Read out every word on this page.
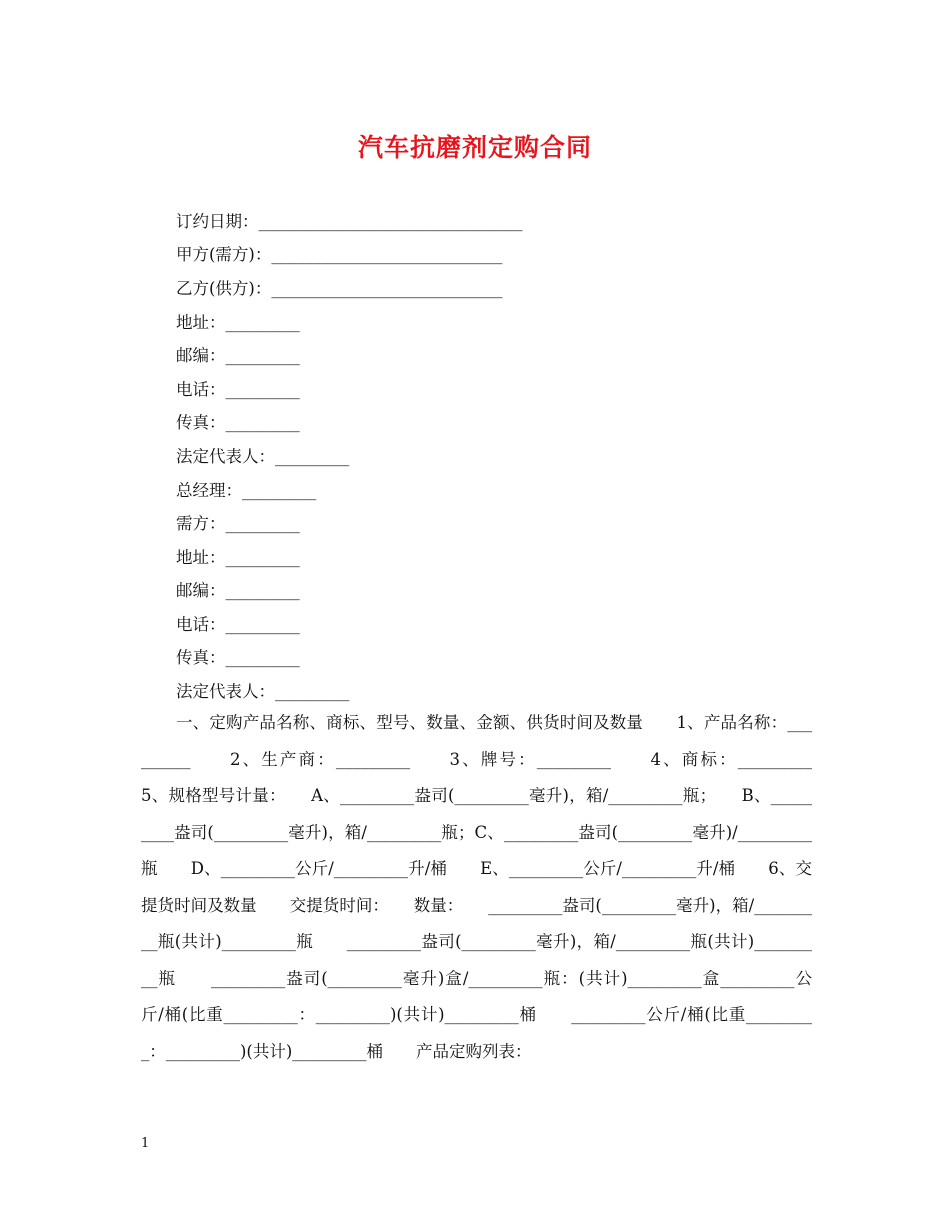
汽车抗磨剂定购合同
订约日期：________________________________
甲方(需方)：____________________________
乙方(供方)：____________________________
地址：_________
邮编：_________
电话：_________
传真：_________
法定代表人：_________
总经理：_________
需方：_________
地址：_________
邮编：_________
电话：_________
传真：_________
法定代表人：_________
一、定购产品名称、商标、型号、数量、金额、供货时间及数量　　1、产品名称：_________　　2、生产商：_________　　3、牌号：_________　　4、商标：_________　　5、规格型号计量：　　A、_________盎司(_________毫升)，箱/_________瓶；　　B、_________盎司(_________毫升)，箱/_________瓶；C、_________盎司(_________毫升)/_________瓶　　D、_________公斤/_________升/桶　　E、_________公斤/_________升/桶　　6、交提货时间及数量　　交提货时间：　　数量：　　_________盎司(_________毫升)，箱/_________瓶(共计)_________瓶　　_________盎司(_________毫升)，箱/_________瓶(共计)_________瓶　　_________盎司(_________毫升)盒/_________瓶：(共计)_________盒_________公斤/桶(比重_________：_________)(共计)_________桶　　_________公斤/桶(比重_________：_________)(共计)_________桶　　产品定购列表：
1
